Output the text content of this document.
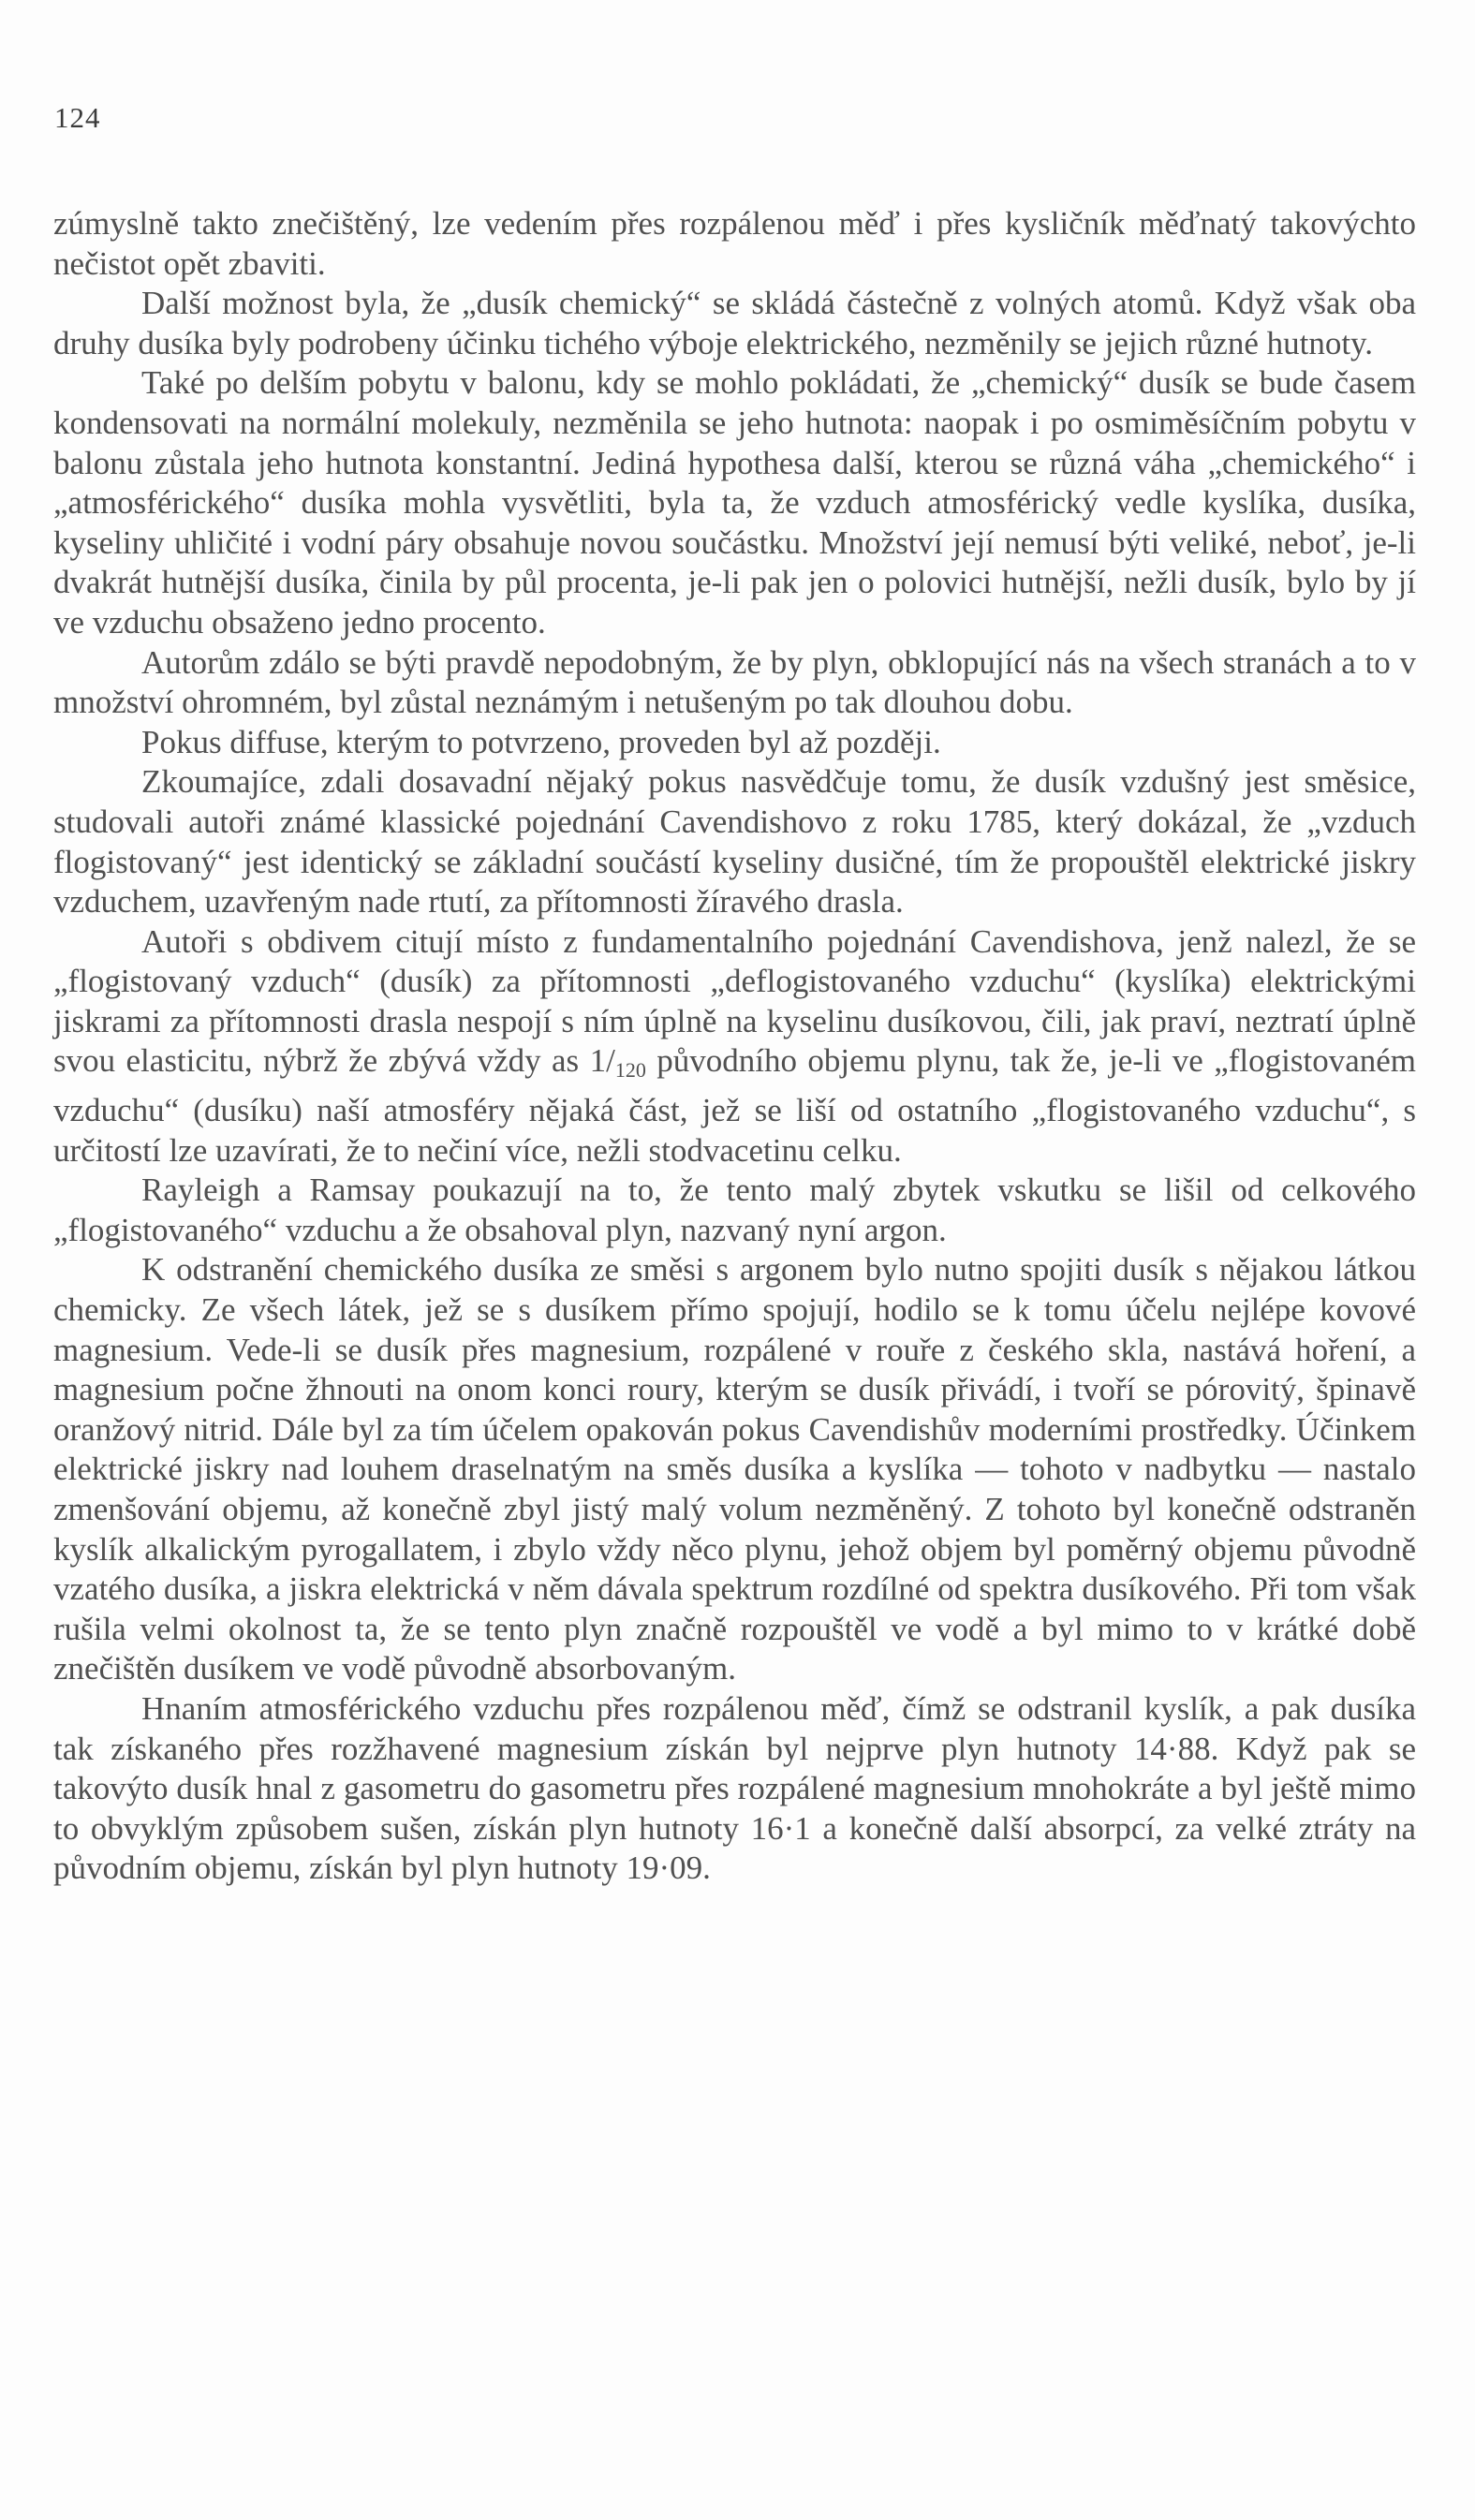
124

zúmyslně takto znečištěný, lze vedením přes rozpálenou měď i přes kysličník měďnatý takovýchto nečistot opět zbaviti.

Další možnost byla, že „dusík chemický“ se skládá částečně z volných atomů. Když však oba druhy dusíka byly podrobeny účinku tichého výboje elektrického, nezměnily se jejich různé hutnoty.

Také po delším pobytu v balonu, kdy se mohlo pokládati, že „chemický“ dusík se bude časem kondensovati na normální molekuly, nezměnila se jeho hutnota: naopak i po osmiměsíčním pobytu v balonu zůstala jeho hutnota konstantní. Jediná hypothesa další, kterou se různá váha „chemického“ i „atmosférického“ dusíka mohla vysvětliti, byla ta, že vzduch atmosférický vedle kyslíka, dusíka, kyseliny uhličité i vodní páry obsahuje novou součástku. Množství její nemusí býti veliké, neboť, je-li dvakrát hutnější dusíka, činila by půl procenta, je-li pak jen o polovici hutnější, nežli dusík, bylo by jí ve vzduchu obsaženo jedno procento.

Autorům zdálo se býti pravdě nepodobným, že by plyn, obklopující nás na všech stranách a to v množství ohromném, byl zůstal neznámým i netušeným po tak dlouhou dobu.

Pokus diffuse, kterým to potvrzeno, proveden byl až později.

Zkoumajíce, zdali dosavadní nějaký pokus nasvědčuje tomu, že dusík vzdušný jest směsice, studovali autoři známé klassické pojednání Cavendishovo z roku 1785, který dokázal, že „vzduch flogistovaný“ jest identický se základní součástí kyseliny dusičné, tím že propouštěl elektrické jiskry vzduchem, uzavřeným nade rtutí, za přítomnosti žíravého drasla.

Autoři s obdivem citují místo z fundamentalního pojednání Cavendishova, jenž nalezl, že se „flogistovaný vzduch“ (dusík) za přítomnosti „deflogistovaného vzduchu“ (kyslíka) elektrickými jiskrami za přítomnosti drasla nespojí s ním úplně na kyselinu dusíkovou, čili, jak praví, neztratí úplně svou elasticitu, nýbrž že zbývá vždy as $1/_{120}$ původního objemu plynu, tak že, je-li ve „flogistovaném vzduchu“ (dusíku) naší atmosféry nějaká část, jež se liší od ostatního „flogistovaného vzduchu“, s určitostí lze uzavírati, že to nečiní více, nežli stodvacetinu celku.

Rayleigh a Ramsay poukazují na to, že tento malý zbytek vskutku se lišil od celkového „flogistovaného“ vzduchu a že obsahoval plyn, nazvaný nyní argon.

K odstranění chemického dusíka ze směsi s argonem bylo nutno spojiti dusík s nějakou látkou chemicky. Ze všech látek, jež se s dusíkem přímo spojují, hodilo se k tomu účelu nejlépe kovové magnesium. Vede-li se dusík přes magnesium, rozpálené v rouře z českého skla, nastává hoření, a magnesium počne žhnouti na onom konci roury, kterým se dusík přivádí, i tvoří se pórovitý, špinavě oranžový nitrid. Dále byl za tím účelem opakován pokus Cavendishův moderními prostředky. Účinkem elektrické jiskry nad louhem draselnatým na směs dusíka a kyslíka — tohoto v nadbytku — nastalo zmenšování objemu, až konečně zbyl jistý malý volum nezměněný. Z tohoto byl konečně odstraněn kyslík alkalickým pyrogallatem, i zbylo vždy něco plynu, jehož objem byl poměrný objemu původně vzatého dusíka, a jiskra elektrická v něm dávala spektrum rozdílné od spektra dusíkového. Při tom však rušila velmi okolnost ta, že se tento plyn značně rozpouštěl ve vodě a byl mimo to v krátké době znečištěn dusíkem ve vodě původně absorbovaným.

Hnaním atmosférického vzduchu přes rozpálenou měď, čímž se odstranil kyslík, a pak dusíka tak získaného přes rozžhavené magnesium získán byl nejprve plyn hutnoty 14·88. Když pak se takovýto dusík hnal z gasometru do gasometru přes rozpálené magnesium mnohokráte a byl ještě mimo to obvyklým způsobem sušen, získán plyn hutnoty 16·1 a konečně další absorpcí, za velké ztráty na původním objemu, získán byl plyn hutnoty 19·09.
